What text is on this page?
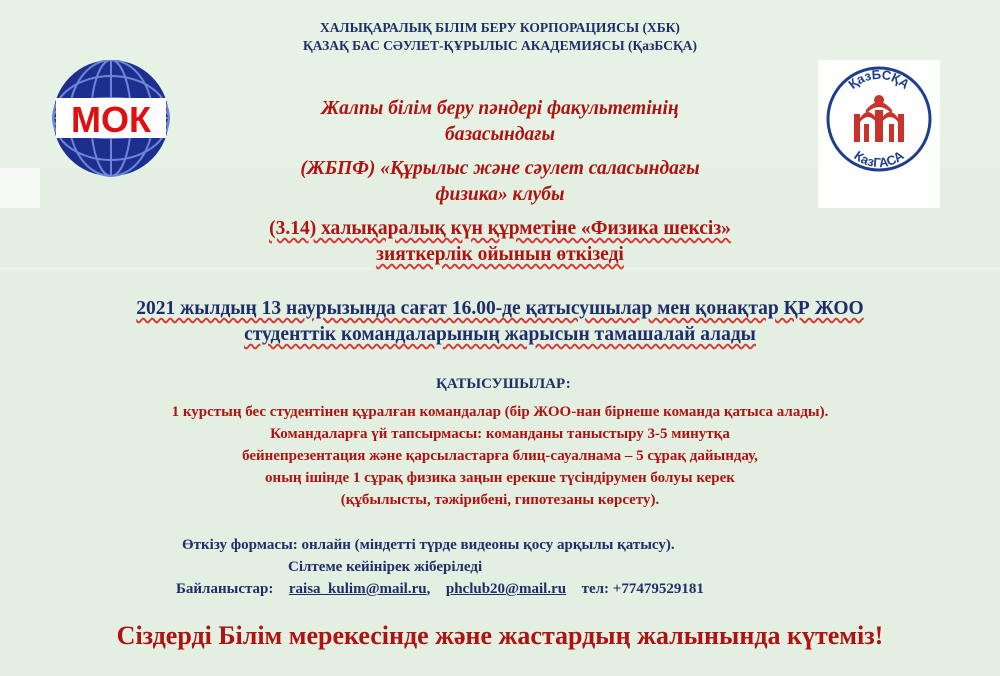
ХАЛЫҚАРАЛЫҚ БІЛІМ БЕРУ КОРПОРАЦИЯСЫ (ХБК)
ҚАЗАҚ БАС СӘУЛЕТ-ҚҰРЫЛЫС АКАДЕМИЯСЫ (ҚазБСҚА)
МОК
ҚазБСҚА
КазГАСА
Жалпы білім беру пәндері факультетінің
базасындағы
(ЖБПФ) «Құрылыс және сәулет саласындағы
физика» клубы
(3.14) халықаралық күн құрметіне «Физика шексіз»
зияткерлік ойынын өткізеді
2021 жылдың 13 наурызында сағат 16.00-де қатысушылар мен қонақтар ҚР ЖОО
студенттік командаларының жарысын тамашалай алады
ҚАТЫСУШЫЛАР:
1 курстың бес студентінен құралған командалар (бір ЖОО-нан бірнеше команда қатыса алады).
Командаларға үй тапсырмасы: команданы таныстыру 3-5 минутқа
бейнепрезентация және қарсыластарға блиц-сауалнама – 5 сұрақ дайындау,
оның ішінде 1 сұрақ физика заңын ерекше түсіндірумен болуы керек
(құбылысты, тәжірибені, гипотезаны көрсету).
Өткізу формасы: онлайн (міндетті түрде видеоны қосу арқылы қатысу).
Сілтеме кейінірек жіберіледі
Байланыстар: raisa_kulim@mail.ru, phclub20@mail.ru тел: +77479529181
Сіздерді Білім мерекесінде және жастардың жалынында күтеміз!
